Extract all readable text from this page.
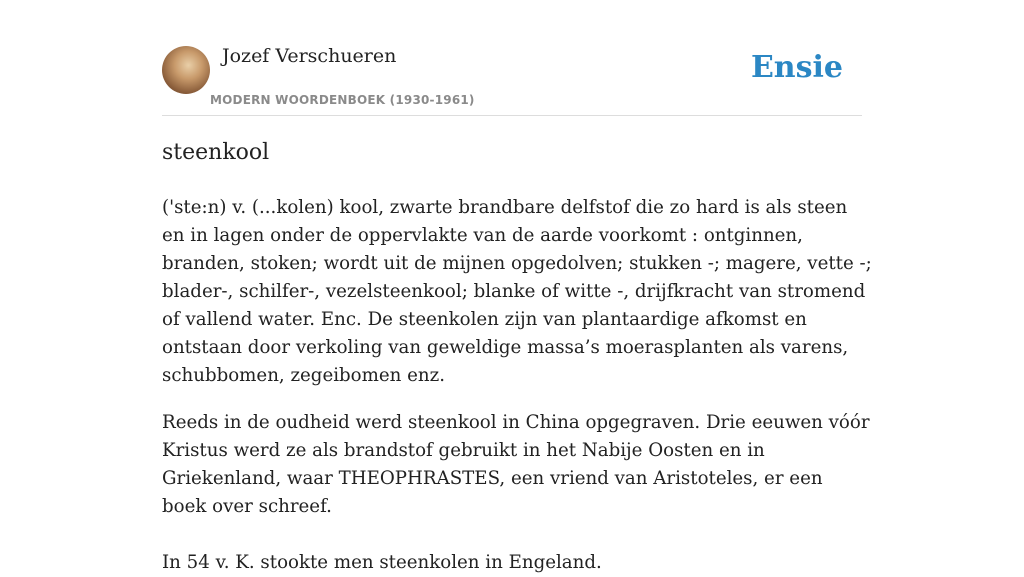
Jozef Verschueren
MODERN WOORDENBOEK (1930-1961)
Ensie
steenkool

('ste:n) v. (...kolen) kool, zwarte brandbare delfstof die zo hard is als steen en in lagen onder de oppervlakte van de aarde voorkomt : ontginnen, branden, stoken; wordt uit de mijnen opgedolven; stukken -; magere, vette -; blader-, schilfer-, vezelsteenkool; blanke of witte -, drijfkracht van stromend of vallend water. Enc. De steenkolen zijn van plantaardige afkomst en ontstaan door verkoling van geweldige massa’s moerasplanten als varens, schubbomen, zegeibomen enz.

Reeds in de oudheid werd steenkool in China opgegraven. Drie eeuwen vóór Kristus werd ze als brandstof gebruikt in het Nabije Oosten en in Griekenland, waar THEOPHRASTES, een vriend van Aristoteles, er een boek over schreef.

In 54 v. K. stookte men steenkolen in Engeland.
